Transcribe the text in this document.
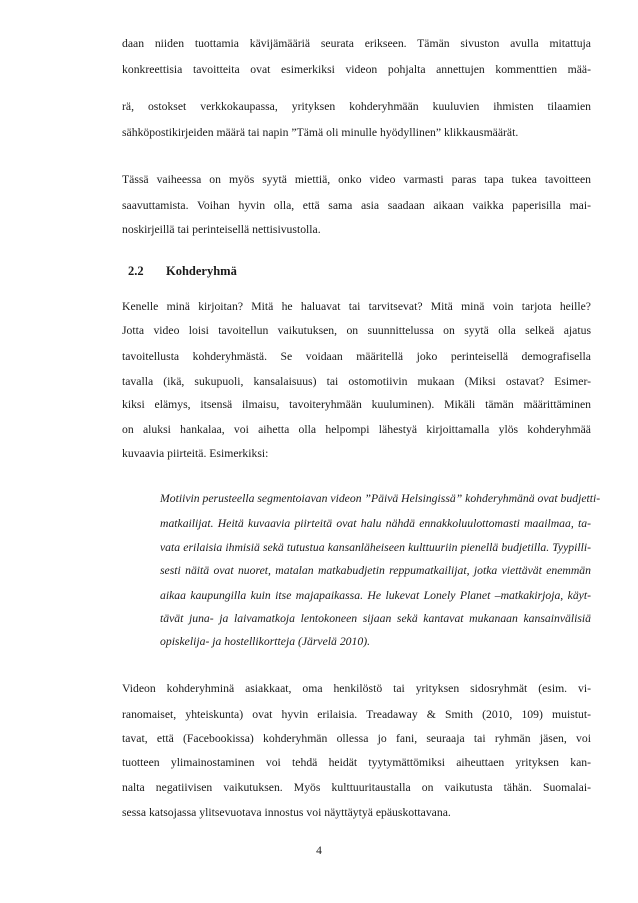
daan niiden tuottamia kävijämääriä seurata erikseen. Tämän sivuston avulla mitattuja

konkreettisia tavoitteita ovat esimerkiksi videon pohjalta annettujen kommenttien mää-

rä, ostokset verkkokaupassa, yrityksen kohderyhmään kuuluvien ihmisten tilaamien

sähköpostikirjeiden määrä tai napin ”Tämä oli minulle hyödyllinen” klikkausmäärät.

Tässä vaiheessa on myös syytä miettiä, onko video varmasti paras tapa tukea tavoitteen

saavuttamista. Voihan hyvin olla, että sama asia saadaan aikaan vaikka paperisilla mai-

noskirjeillä tai perinteisellä nettisivustolla.

2.2 Kohderyhmä

Kenelle minä kirjoitan? Mitä he haluavat tai tarvitsevat? Mitä minä voin tarjota heille?

Jotta video loisi tavoitellun vaikutuksen, on suunnittelussa on syytä olla selkeä ajatus

tavoitellusta kohderyhmästä. Se voidaan määritellä joko perinteisellä demografisella

tavalla (ikä, sukupuoli, kansalaisuus) tai ostomotiivin mukaan (Miksi ostavat? Esimer-

kiksi elämys, itsensä ilmaisu, tavoiteryhmään kuuluminen). Mikäli tämän määrittäminen

on aluksi hankalaa, voi aihetta olla helpompi lähestyä kirjoittamalla ylös kohderyhmää

kuvaavia piirteitä. Esimerkiksi:

Motiivin perusteella segmentoiavan videon ”Päivä Helsingissä” kohderyhmänä ovat budjetti-

matkailijat. Heitä kuvaavia piirteitä ovat halu nähdä ennakkoluulottomasti maailmaa, ta-

vata erilaisia ihmisiä sekä tutustua kansanläheiseen kulttuuriin pienellä budjetilla. Tyypilli-

sesti näitä ovat nuoret, matalan matkabudjetin reppumatkailijat, jotka viettävät enemmän

aikaa kaupungilla kuin itse majapaikassa. He lukevat Lonely Planet –matkakirjoja, käyt-

tävät juna- ja laivamatkoja lentokoneen sijaan sekä kantavat mukanaan kansainvälisiä

opiskelija- ja hostellikortteja (Järvelä 2010).

Videon kohderyhminä asiakkaat, oma henkilöstö tai yrityksen sidosryhmät (esim. vi-

ranomaiset, yhteiskunta) ovat hyvin erilaisia. Treadaway & Smith (2010, 109) muistut-

tavat, että (Facebookissa) kohderyhmän ollessa jo fani, seuraaja tai ryhmän jäsen, voi

tuotteen ylimainostaminen voi tehdä heidät tyytymättömiksi aiheuttaen yrityksen kan-

nalta negatiivisen vaikutuksen. Myös kulttuuritaustalla on vaikutusta tähän. Suomalai-

sessa katsojassa ylitsevuotava innostus voi näyttäytyä epäuskottavana.

4
